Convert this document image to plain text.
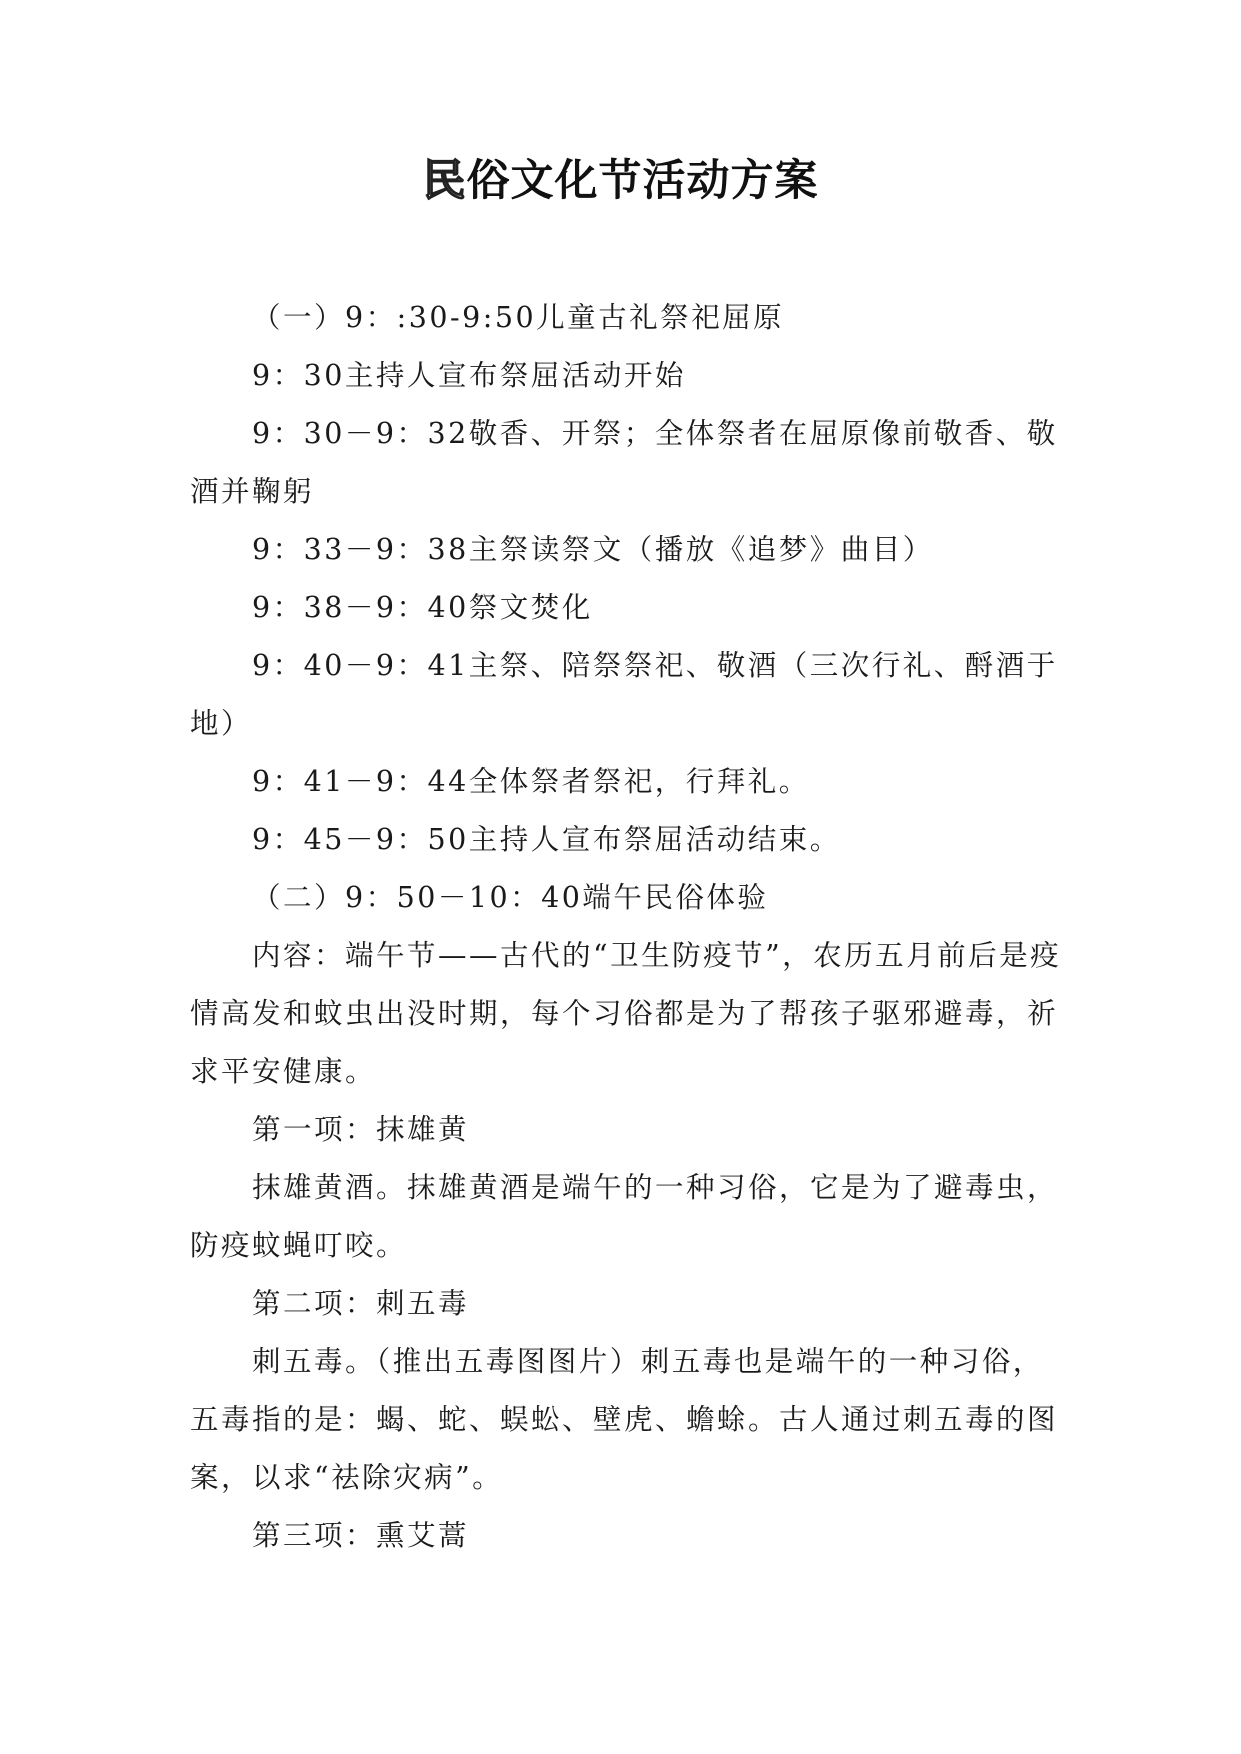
民俗文化节活动方案

（一）9：:30-9:50儿童古礼祭祀屈原

9：30主持人宣布祭屈活动开始

9：30－9：32敬香、开祭；全体祭者在屈原像前敬香、敬酒并鞠躬

9：33－9：38主祭读祭文（播放《追梦》曲目）

9：38－9：40祭文焚化

9：40－9：41主祭、陪祭祭祀、敬酒（三次行礼、酹酒于地）

9：41－9：44全体祭者祭祀，行拜礼。

9：45－9：50主持人宣布祭屈活动结束。

（二）9：50－10：40端午民俗体验

内容：端午节——古代的“卫生防疫节”，农历五月前后是疫情高发和蚊虫出没时期，每个习俗都是为了帮孩子驱邪避毒，祈求平安健康。

第一项：抹雄黄

抹雄黄酒。抹雄黄酒是端午的一种习俗，它是为了避毒虫，防疫蚊蝇叮咬。

第二项：刺五毒

刺五毒。（推出五毒图图片）刺五毒也是端午的一种习俗，五毒指的是：蝎、蛇、蜈蚣、壁虎、蟾蜍。古人通过刺五毒的图案，以求“祛除灾病”。

第三项：熏艾蒿
